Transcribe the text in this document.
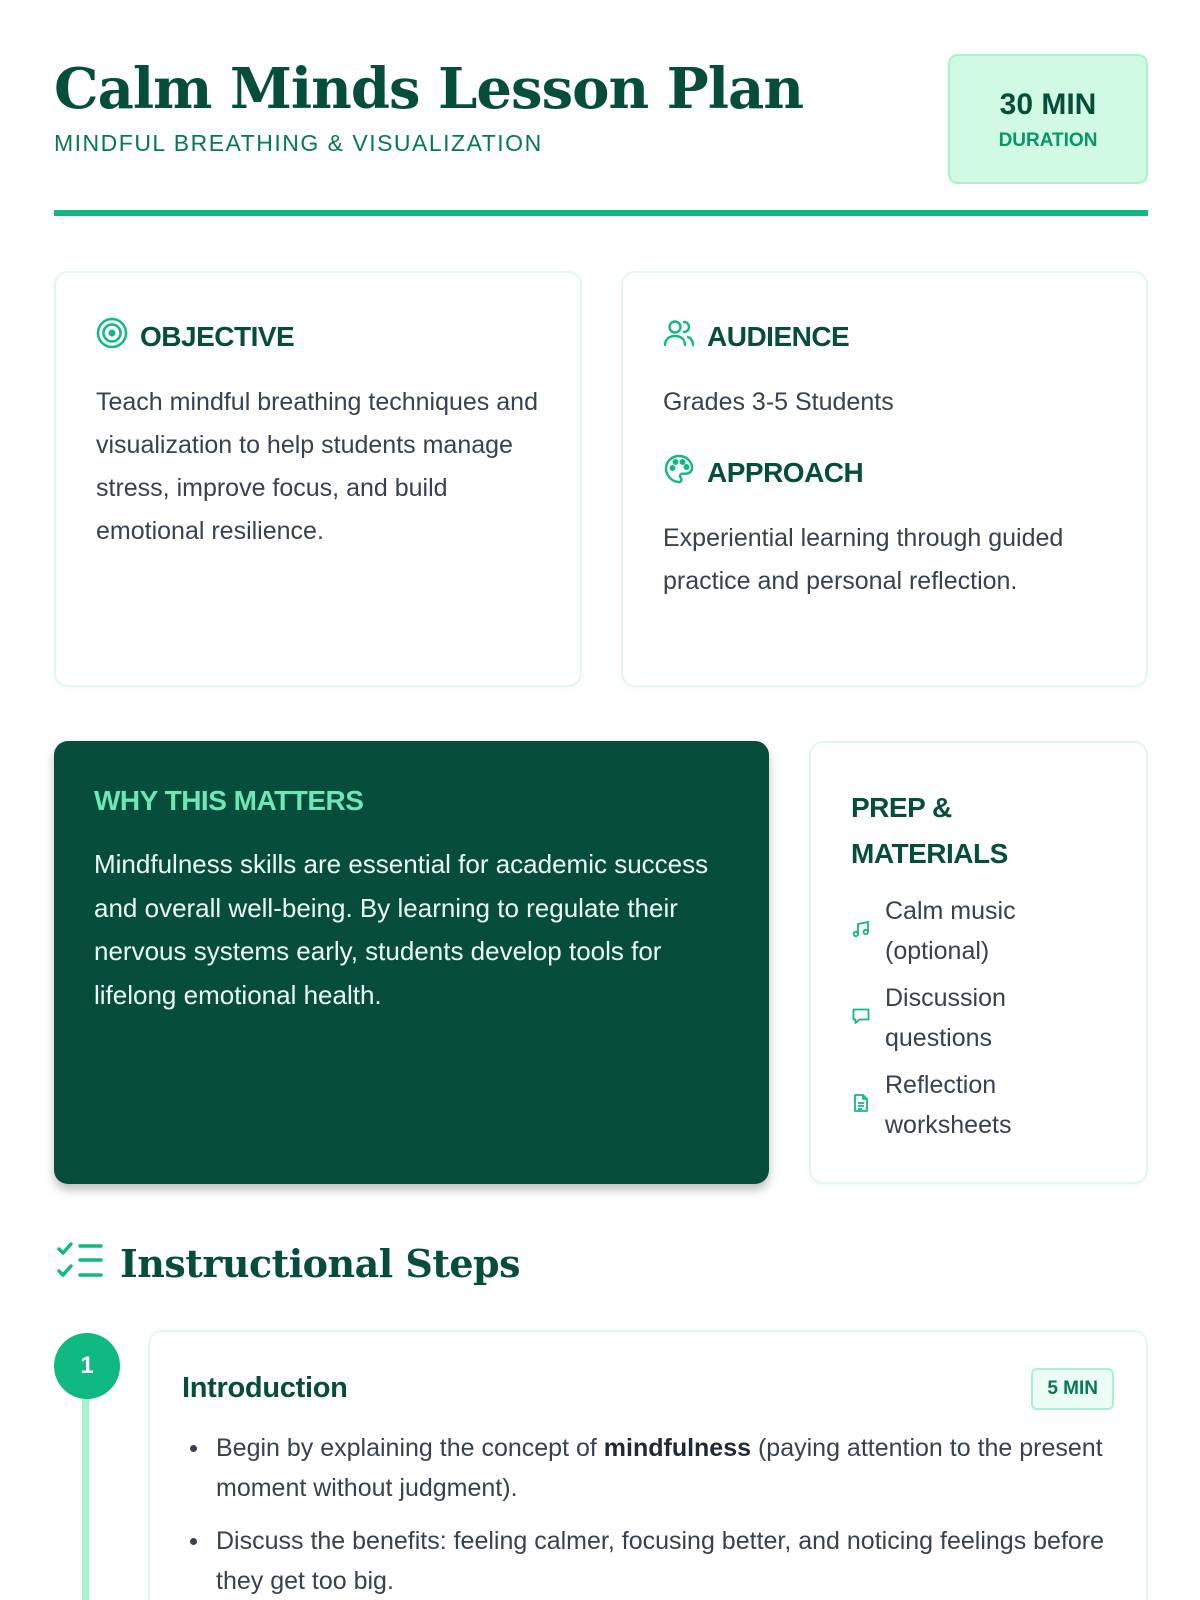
Calm Minds Lesson Plan
MINDFUL BREATHING & VISUALIZATION
30 MIN
DURATION
OBJECTIVE

Teach mindful breathing techniques and visualization to help students manage stress, improve focus, and build emotional resilience.

AUDIENCE

Grades 3-5 Students

APPROACH

Experiential learning through guided practice and personal reflection.

WHY THIS MATTERS

Mindfulness skills are essential for academic success and overall well-being. By learning to regulate their nervous systems early, students develop tools for lifelong emotional health.

PREP & MATERIALS
Calm music (optional)
Discussion questions
Reflection worksheets
Instructional Steps
1
Introduction	5 MIN
Begin by explaining the concept of mindfulness (paying attention to the present moment without judgment).
Discuss the benefits: feeling calmer, focusing better, and noticing feelings before they get too big.
